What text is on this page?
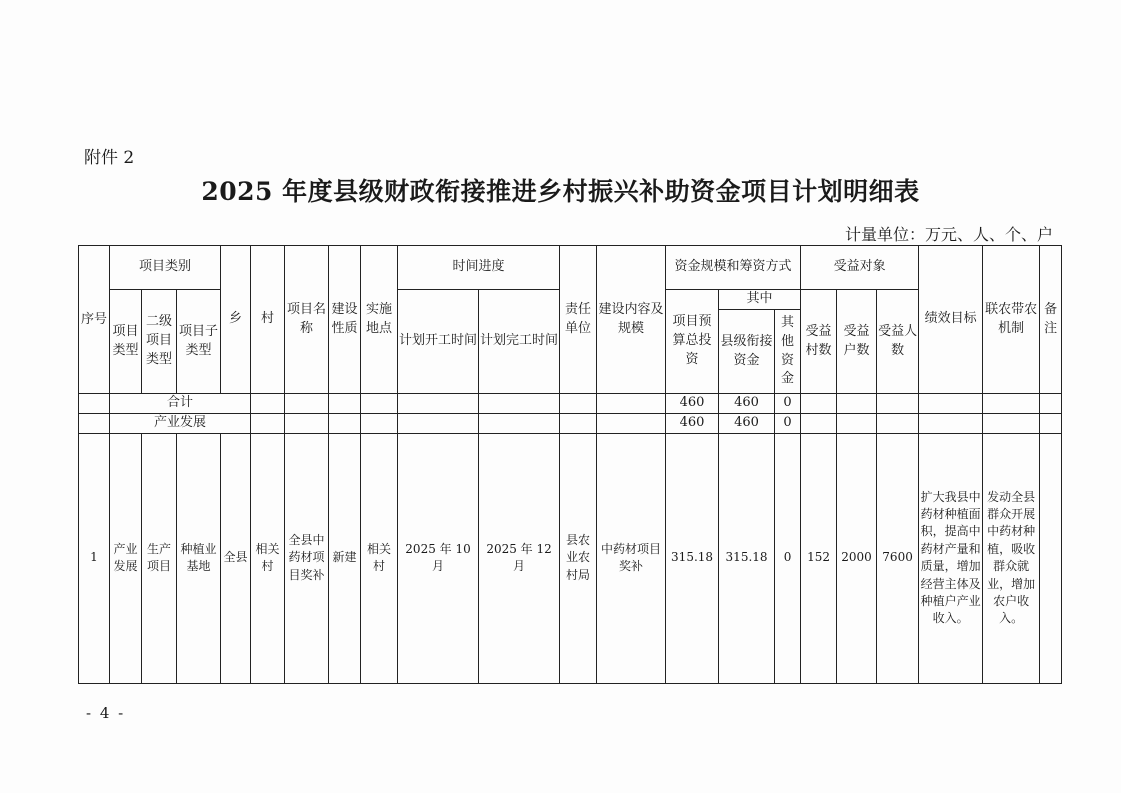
附件 2
2025 年度县级财政衔接推进乡村振兴补助资金项目计划明细表
计量单位：万元、人、个、户
序号	项目类别			乡	村	项目名称	建设性质	实施地点	时间进度		责任单位	建设内容及规模	资金规模和筹资方式			受益对象			绩效目标	联农带农机制	备注
	项目类型	二级项目类型	项目子类型						计划开工时间	计划完工时间			项目预算总投资	其中		受益村数	受益户数	受益人数			
														县级衔接资金	其他资金						
	合计												460	460	0						
	产业发展												460	460	0						
1	产业发展	生产项目	种植业基地	全县	相关村	全县中药材项目奖补	新建	相关村	2025 年 10 月	2025 年 12 月	县农业农村局	中药材项目奖补	315.18	315.18	0	152	2000	7600	扩大我县中药材种植面积，提高中药材产量和质量，增加经营主体及种植户产业收入。	发动全县群众开展中药材种植，吸收群众就业，增加农户收入。	
- 4 -
